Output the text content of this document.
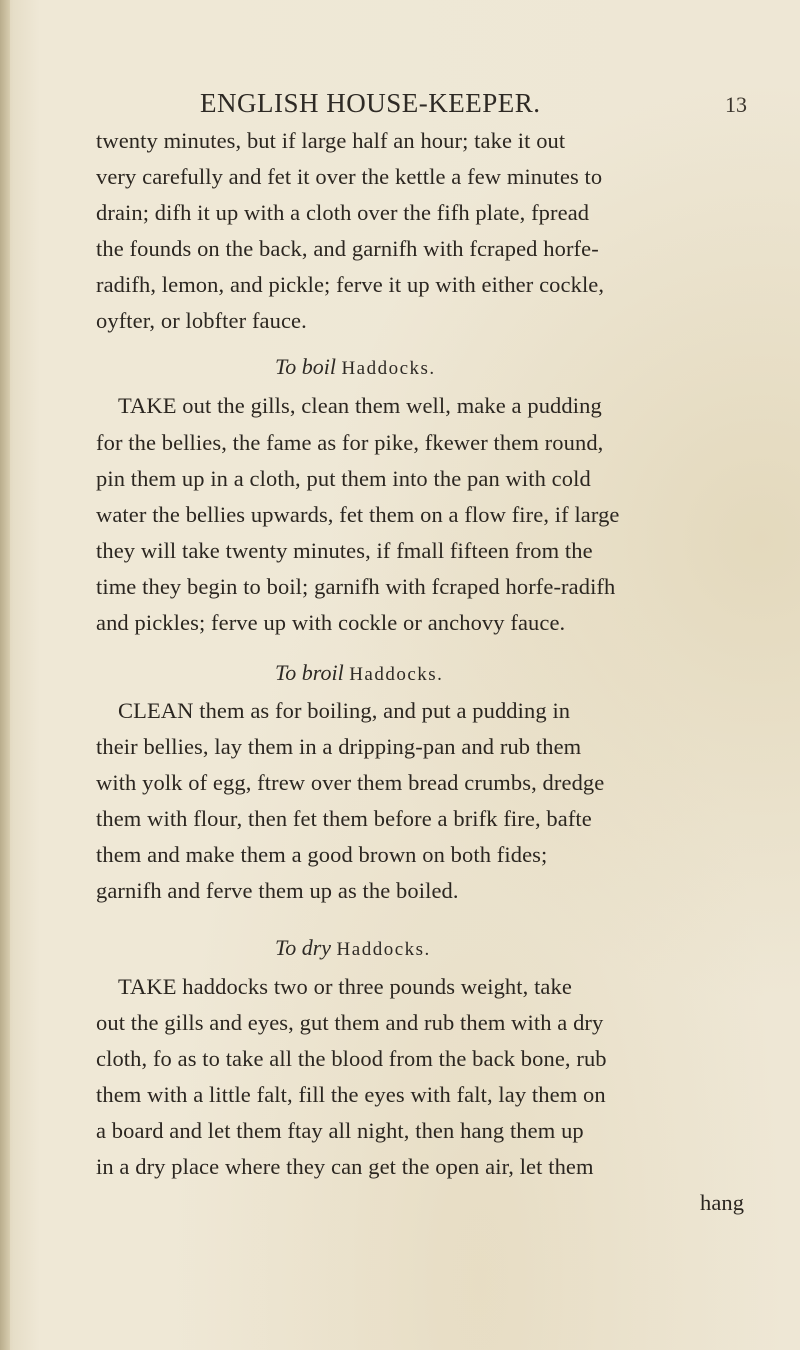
ENGLISH HOUSE-KEEPER.	13
twenty minutes, but if large half an hour; take it out
very carefully and fet it over the kettle a few minutes to
drain; difh it up with a cloth over the fifh plate, fpread
the founds on the back, and garnifh with fcraped horfe-
radifh, lemon, and pickle; ferve it up with either cockle,
oyfter, or lobfter fauce.
To boil Haddocks.
TAKE out the gills, clean them well, make a pudding
for the bellies, the fame as for pike, fkewer them round,
pin them up in a cloth, put them into the pan with cold
water the bellies upwards, fet them on a flow fire, if large
they will take twenty minutes, if fmall fifteen from the
time they begin to boil; garnifh with fcraped horfe-radifh
and pickles; ferve up with cockle or anchovy fauce.
To broil Haddocks.
CLEAN them as for boiling, and put a pudding in
their bellies, lay them in a dripping-pan and rub them
with yolk of egg, ftrew over them bread crumbs, dredge
them with flour, then fet them before a brifk fire, bafte
them and make them a good brown on both fides;
garnifh and ferve them up as the boiled.
To dry Haddocks.
TAKE haddocks two or three pounds weight, take
out the gills and eyes, gut them and rub them with a dry
cloth, fo as to take all the blood from the back bone, rub
them with a little falt, fill the eyes with falt, lay them on
a board and let them ftay all night, then hang them up
in a dry place where they can get the open air, let them
hang
